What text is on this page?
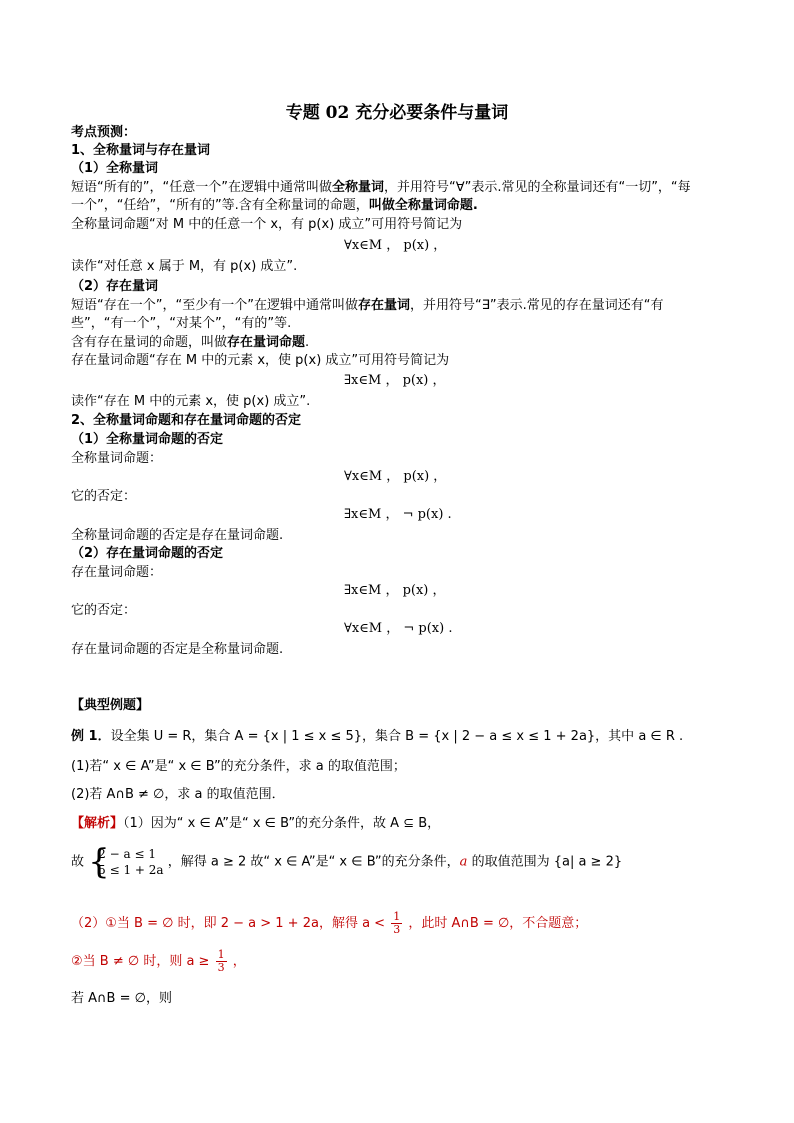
专题 02 充分必要条件与量词
考点预测：
1、全称量词与存在量词
（1）全称量词
短语“所有的”，“任意一个”在逻辑中通常叫做全称量词，并用符号“∀”表示.常见的全称量词还有“一切”，“每
一个”，“任给”，“所有的”等.含有全称量词的命题，叫做全称量词命题.
全称量词命题“对 M 中的任意一个 x，有 p(x) 成立”可用符号简记为
∀x∈M ， p(x) ，
读作“对任意 x 属于 M，有 p(x) 成立”.
（2）存在量词
短语“存在一个”，“至少有一个”在逻辑中通常叫做存在量词，并用符号“∃”表示.常见的存在量词还有“有
些”，“有一个”，“对某个”，“有的”等.
含有存在量词的命题，叫做存在量词命题.
存在量词命题“存在 M 中的元素 x，使 p(x) 成立”可用符号简记为
∃x∈M ， p(x) ，
读作“存在 M 中的元素 x，使 p(x) 成立”.
2、全称量词命题和存在量词命题的否定
（1）全称量词命题的否定
全称量词命题：
∀x∈M ， p(x) ，
它的否定：
∃x∈M ， ¬ p(x) .
全称量词命题的否定是存在量词命题.
（2）存在量词命题的否定
存在量词命题：
∃x∈M ， p(x) ，
它的否定：
∀x∈M ， ¬ p(x) .
存在量词命题的否定是全称量词命题.
【典型例题】
例 1．设全集 U = R，集合 A = {x | 1 ≤ x ≤ 5}，集合 B = {x | 2 − a ≤ x ≤ 1 + 2a}，其中 a ∈ R .
(1)若“ x ∈ A”是“ x ∈ B”的充分条件，求 a 的取值范围；
(2)若 A∩B ≠ ∅，求 a 的取值范围．
【解析】（1）因为“ x ∈ A”是“ x ∈ B”的充分条件，故 A ⊆ B，
故 {
2 − a ≤ 1
5 ≤ 1 + 2a
，解得 a ≥ 2 故“ x ∈ A”是“ x ∈ B”的充分条件，a 的取值范围为 {a| a ≥ 2}
（2）①当 B = ∅ 时，即 2 − a > 1 + 2a，解得 $a < \frac{1}{3}$ ，此时 A∩B = ∅，不合题意；
②当 B ≠ ∅ 时，则 $a \ge \frac{1}{3}$ ，
若 A∩B = ∅，则
